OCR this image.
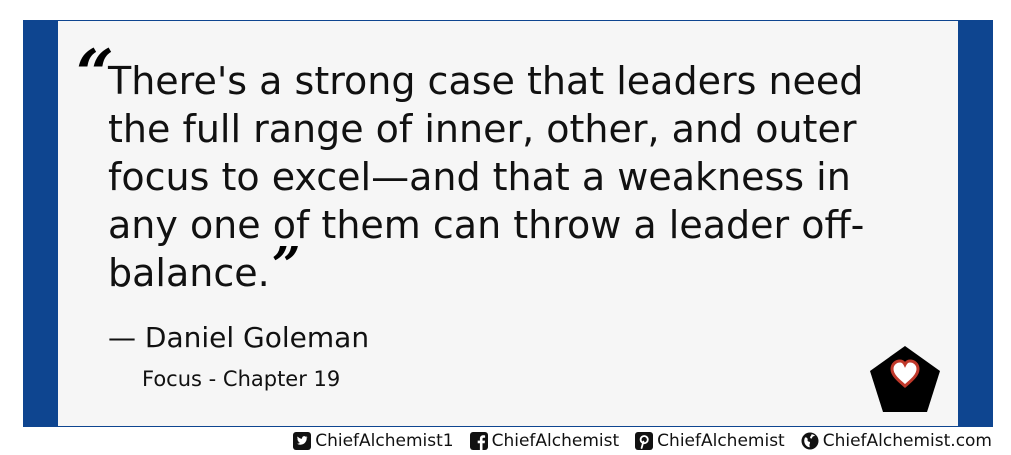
“

There's a strong case that leaders need the full range of inner, other, and outer focus to excel—and that a weakness in any one of them can throw a leader off-balance.”

— Daniel Goleman
Focus - Chapter 19
ChiefAlchemist1 ChiefAlchemist ChiefAlchemist ChiefAlchemist.com
